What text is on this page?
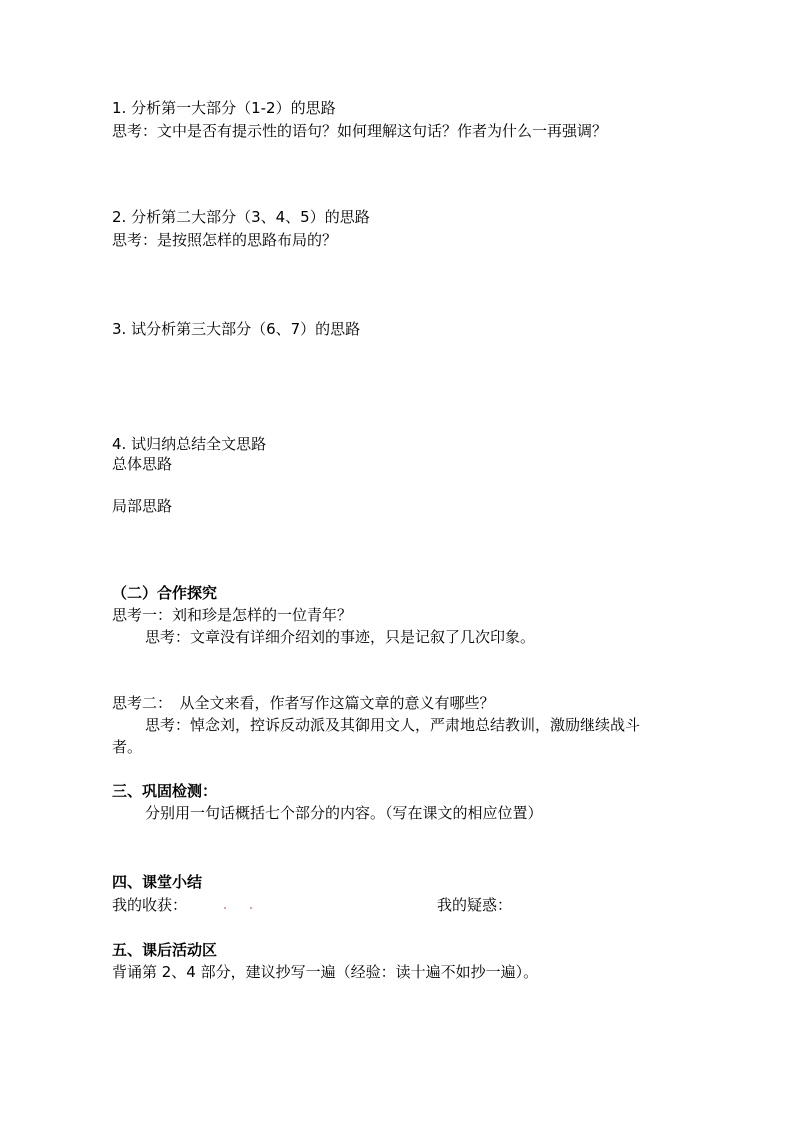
1. 分析第一大部分（1-2）的思路
思考：文中是否有提示性的语句？如何理解这句话？作者为什么一再强调？
2. 分析第二大部分（3、4、5）的思路
思考：是按照怎样的思路布局的？
3. 试分析第三大部分（6、7）的思路
4. 试归纳总结全文思路
总体思路
局部思路
（二）合作探究
思考一：刘和珍是怎样的一位青年？
思考：文章没有详细介绍刘的事迹，只是记叙了几次印象。
思考二：　从全文来看，作者写作这篇文章的意义有哪些？
思考：悼念刘，控诉反动派及其御用文人，严肃地总结教训，激励继续战斗
者。
三、巩固检测：
分别用一句话概括七个部分的内容。（写在课文的相应位置）
四、课堂小结
我的收获：	我的疑惑：
五、课后活动区
背诵第 2、4 部分，建议抄写一遍（经验：读十遍不如抄一遍）。
